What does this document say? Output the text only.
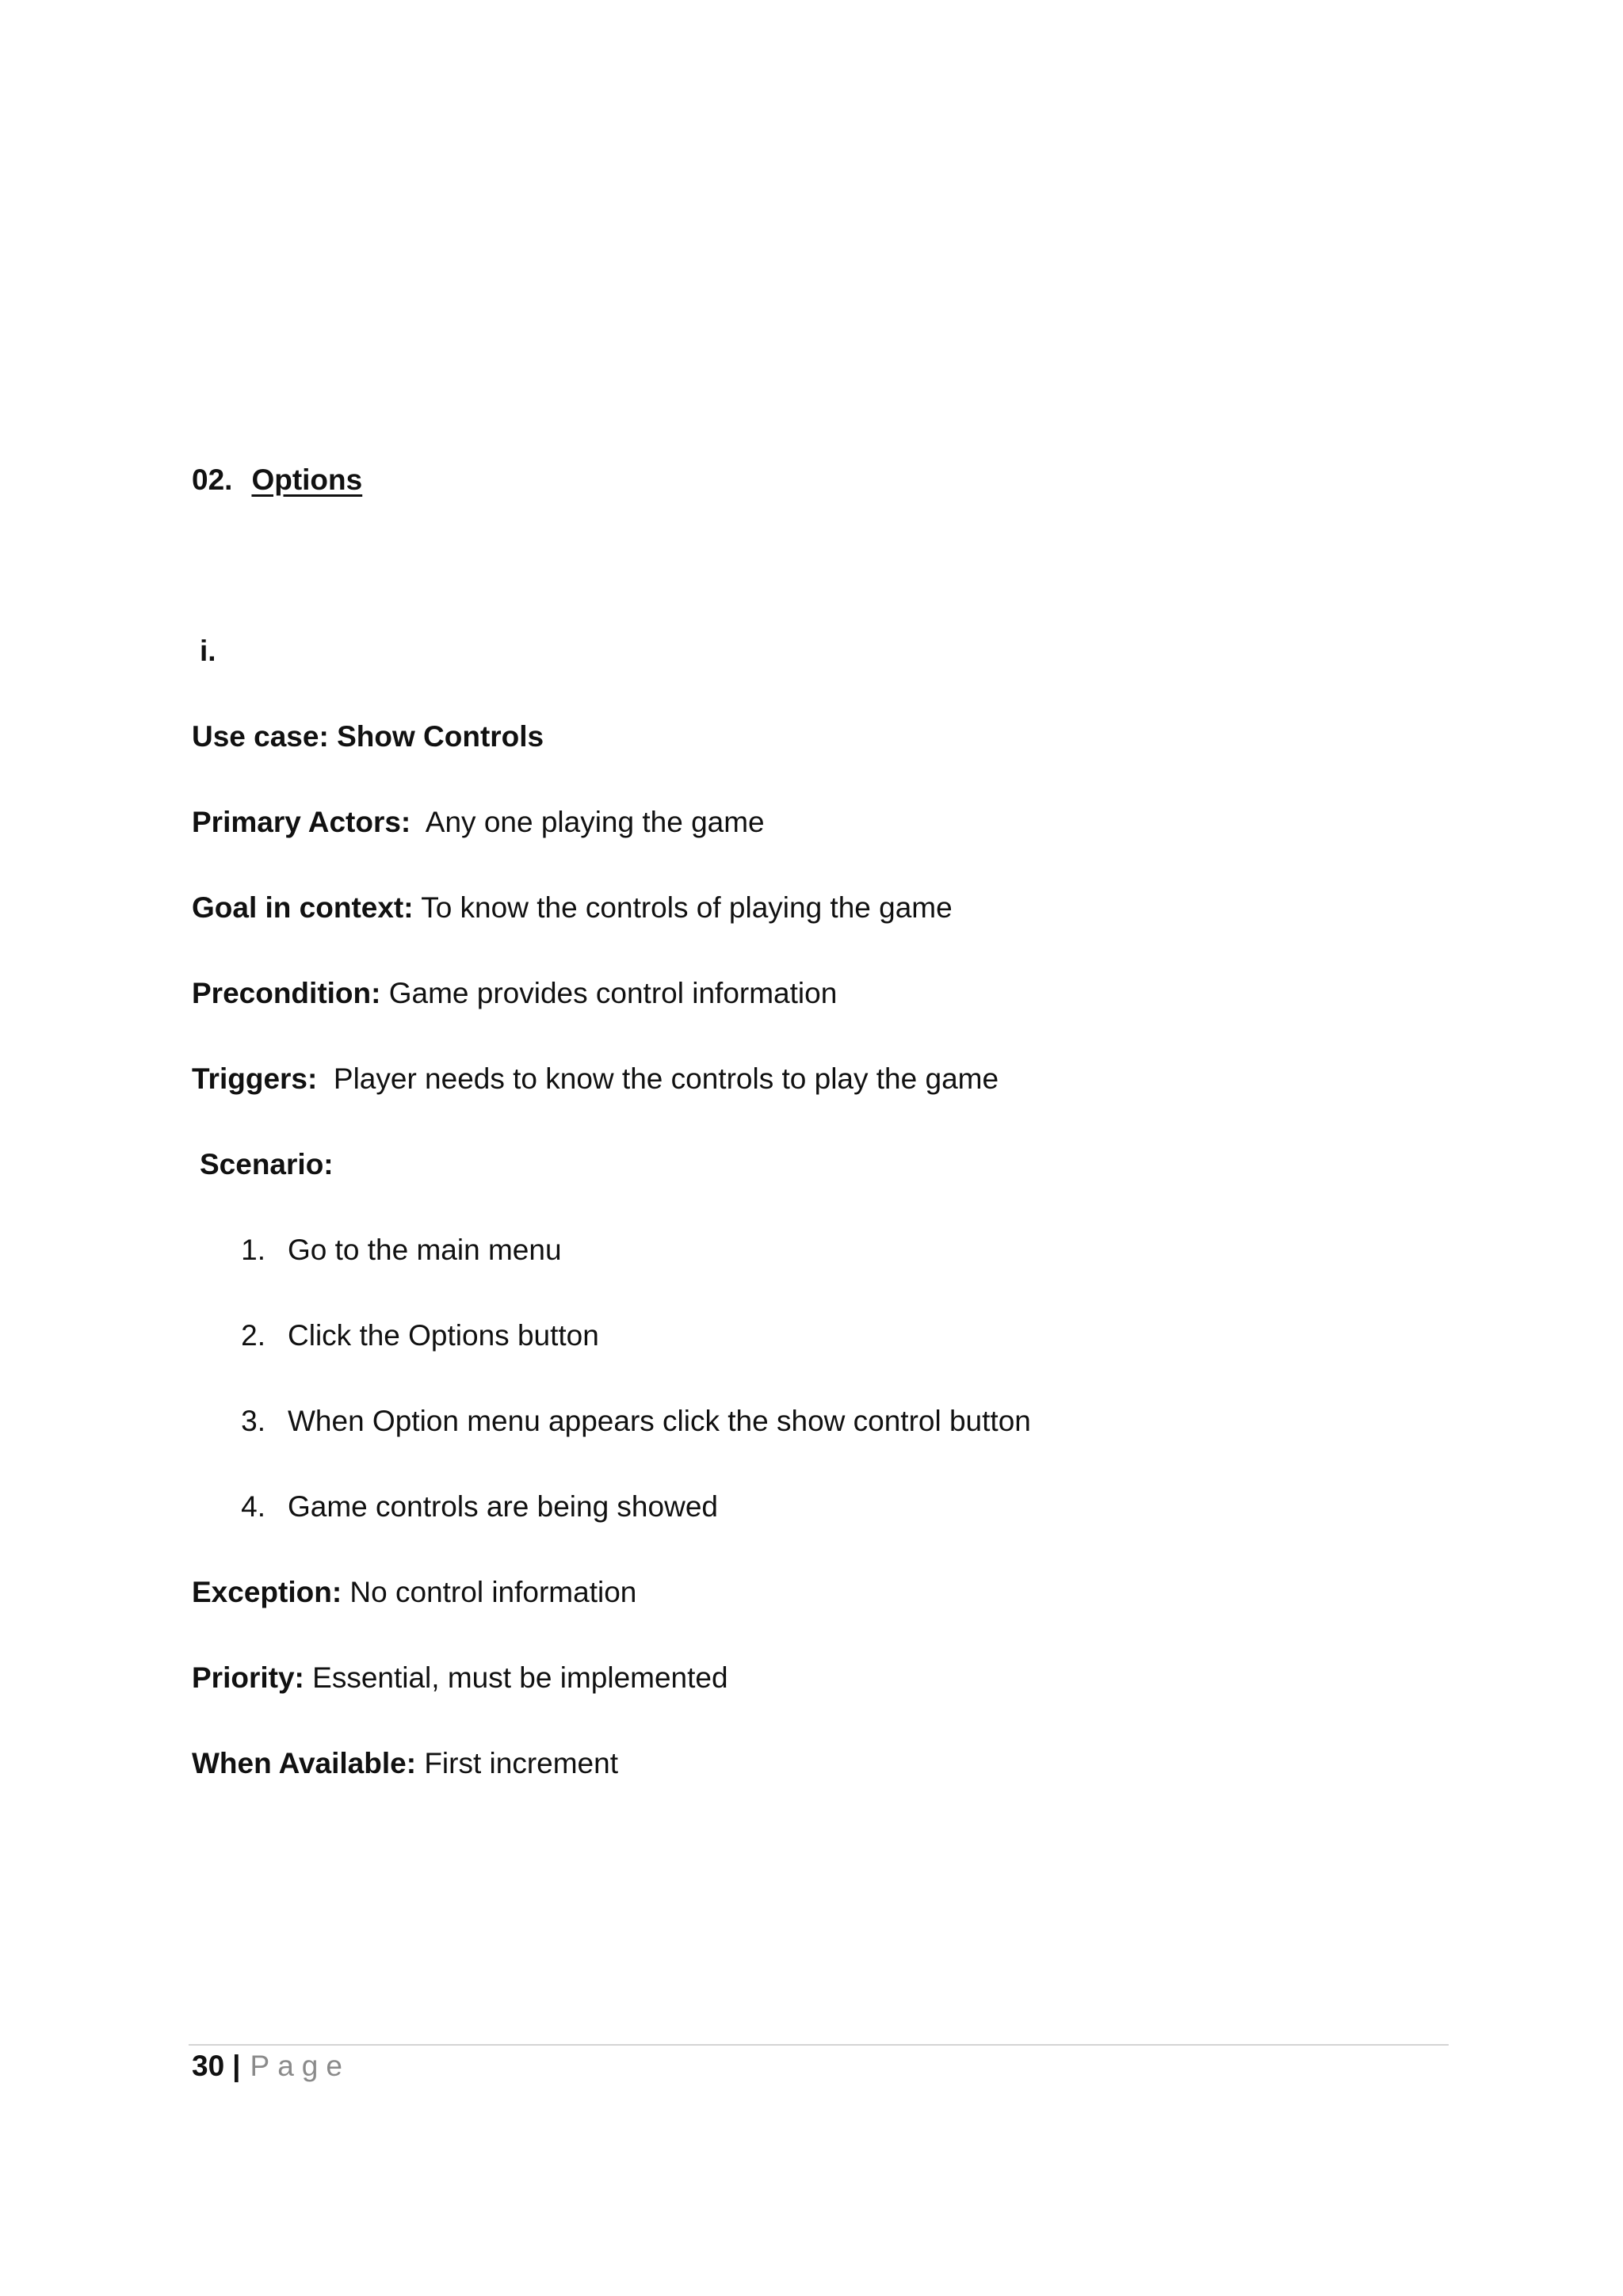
02. Options
i.
Use case: Show Controls
Primary Actors: Any one playing the game
Goal in context: To know the controls of playing the game
Precondition: Game provides control information
Triggers: Player needs to know the controls to play the game
Scenario:
1. Go to the main menu
2. Click the Options button
3. When Option menu appears click the show control button
4. Game controls are being showed
Exception: No control information
Priority: Essential, must be implemented
When Available: First increment
30 | Page
